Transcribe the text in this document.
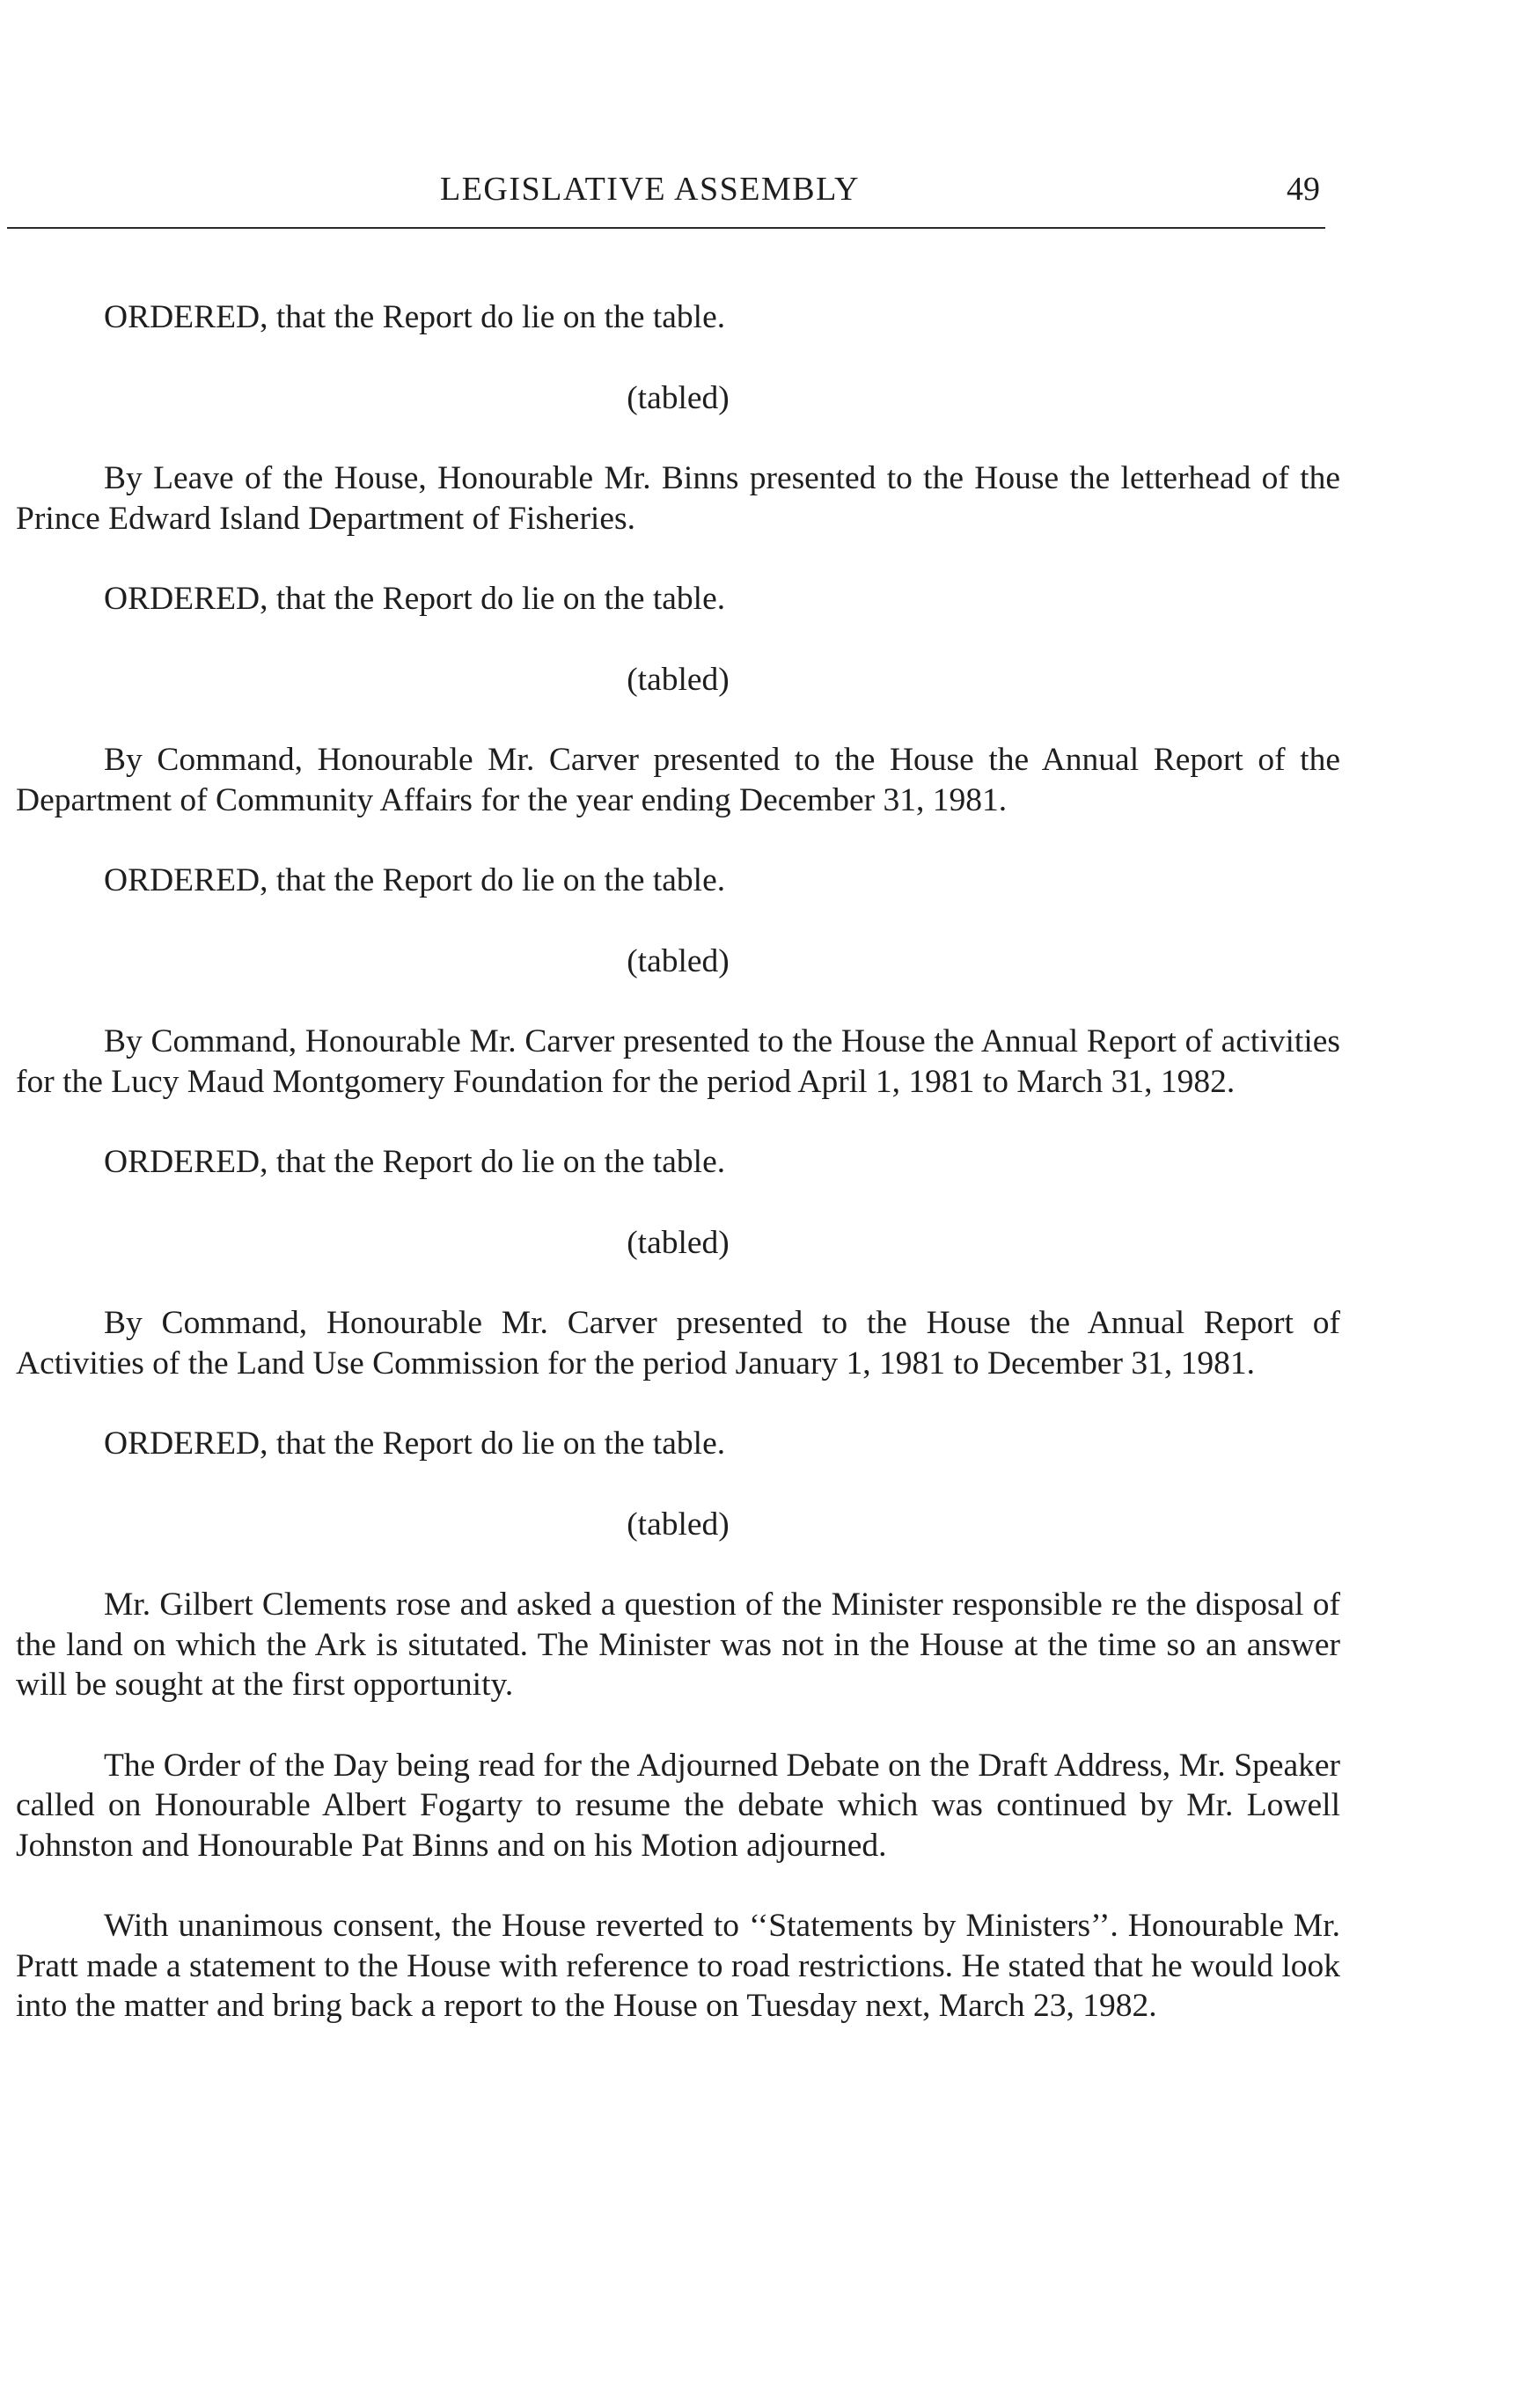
LEGISLATIVE ASSEMBLY	49

ORDERED, that the Report do lie on the table.

(tabled)

By Leave of the House, Honourable Mr. Binns presented to the House the letterhead of the Prince Edward Island Department of Fisheries.

ORDERED, that the Report do lie on the table.

(tabled)

By Command, Honourable Mr. Carver presented to the House the Annual Report of the Department of Community Affairs for the year ending December 31, 1981.

ORDERED, that the Report do lie on the table.

(tabled)

By Command, Honourable Mr. Carver presented to the House the Annual Report of activities for the Lucy Maud Montgomery Foundation for the period April 1, 1981 to March 31, 1982.

ORDERED, that the Report do lie on the table.

(tabled)

By Command, Honourable Mr. Carver presented to the House the Annual Report of Activities of the Land Use Commission for the period January 1, 1981 to December 31, 1981.

ORDERED, that the Report do lie on the table.

(tabled)

Mr. Gilbert Clements rose and asked a question of the Minister responsible re the disposal of the land on which the Ark is situtated. The Minister was not in the House at the time so an answer will be sought at the first opportunity.

The Order of the Day being read for the Adjourned Debate on the Draft Address, Mr. Speaker called on Honourable Albert Fogarty to resume the debate which was continued by Mr. Lowell Johnston and Honourable Pat Binns and on his Motion adjourned.

With unanimous consent, the House reverted to ‘‘Statements by Ministers’’. Honourable Mr. Pratt made a statement to the House with reference to road restrictions. He stated that he would look into the matter and bring back a report to the House on Tuesday next, March 23, 1982.
